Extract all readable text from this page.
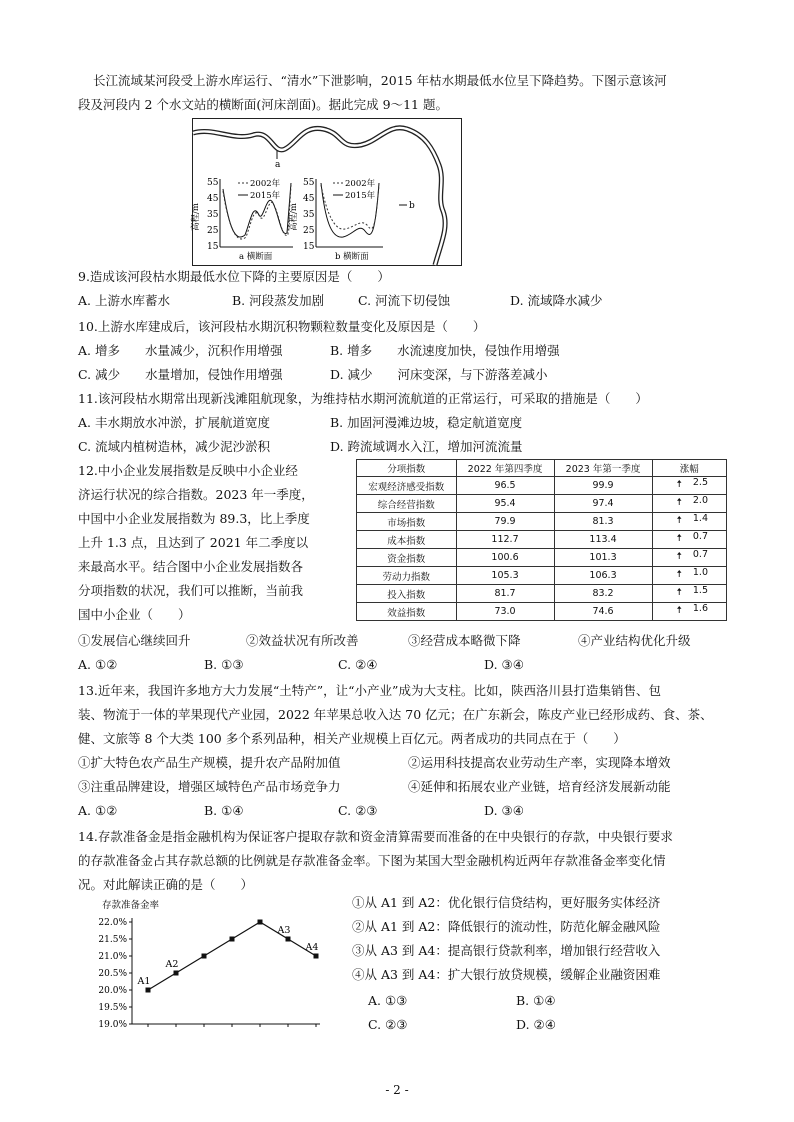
长江流域某河段受上游水库运行、“清水”下泄影响，2015 年枯水期最低水位呈下降趋势。下图示意该河
段及河段内 2 个水文站的横断面(河床剖面)。据此完成 9～11 题。
a
b
55
45
35
25
15
高程/m
2002年
2015年
a 横断面
55
45
35
25
15
高程/m
2002年
2015年
b 横断面
9.造成该河段枯水期最低水位下降的主要原因是（　　）
A. 上游水库蓄水	B. 河段蒸发加剧	C. 河流下切侵蚀	D. 流域降水减少
10.上游水库建成后，该河段枯水期沉积物颗粒数量变化及原因是（　　）
A. 增多　　水量减少，沉积作用增强	B. 增多　　水流速度加快，侵蚀作用增强
C. 减少　　水量增加，侵蚀作用增强	D. 减少　　河床变深，与下游落差减小
11.该河段枯水期常出现新浅滩阻航现象，为维持枯水期河流航道的正常运行，可采取的措施是（　　）
A. 丰水期放水冲淤，扩展航道宽度	B. 加固河漫滩边坡，稳定航道宽度
C. 流域内植树造林，减少泥沙淤积	D. 跨流域调水入江，增加河流流量
12.中小企业发展指数是反映中小企业经
济运行状况的综合指数。2023 年一季度，
中国中小企业发展指数为 89.3，比上季度
上升 1.3 点，且达到了 2021 年二季度以
来最高水平。结合图中小企业发展指数各
分项指数的状况，我们可以推断，当前我
国中小企业（　　）
分项指数	2022 年第四季度	2023 年第一季度	涨幅
宏观经济感受指数	96.5	99.9	🠅 2.5
综合经营指数	95.4	97.4	🠅 2.0
市场指数	79.9	81.3	🠅 1.4
成本指数	112.7	113.4	🠅 0.7
资金指数	100.6	101.3	🠅 0.7
劳动力指数	105.3	106.3	🠅 1.0
投入指数	81.7	83.2	🠅 1.5
效益指数	73.0	74.6	🠅 1.6
①发展信心继续回升	②效益状况有所改善	③经营成本略微下降	④产业结构优化升级
A. ①②	B. ①③	C. ②④	D. ③④
13.近年来，我国许多地方大力发展“土特产”，让“小产业”成为大支柱。比如，陕西洛川县打造集销售、包
装、物流于一体的苹果现代产业园，2022 年苹果总收入达 70 亿元；在广东新会，陈皮产业已经形成药、食、茶、
健、文旅等 8 个大类 100 多个系列品种，相关产业规模上百亿元。两者成功的共同点在于（　　）
①扩大特色农产品生产规模，提升农产品附加值	②运用科技提高农业劳动生产率，实现降本增效
③注重品牌建设，增强区域特色产品市场竞争力	④延伸和拓展农业产业链，培育经济发展新动能
A. ①②	B. ①④	C. ②③	D. ③④
14.存款准备金是指金融机构为保证客户提取存款和资金清算需要而准备的在中央银行的存款，中央银行要求
的存款准备金占其存款总额的比例就是存款准备金率。下图为某国大型金融机构近两年存款准备金率变化情
况。对此解读正确的是（　　）
存款准备金率
22.0%
21.5%
21.0%
20.5%
20.0%
19.5%
19.0%
A1
A2
A3
A4
①从 A1 到 A2：优化银行信贷结构，更好服务实体经济
②从 A1 到 A2：降低银行的流动性，防范化解金融风险
③从 A3 到 A4：提高银行贷款利率，增加银行经营收入
④从 A3 到 A4：扩大银行放贷规模，缓解企业融资困难
A. ①③	B. ①④
C. ②③	D. ②④
- 2 -
